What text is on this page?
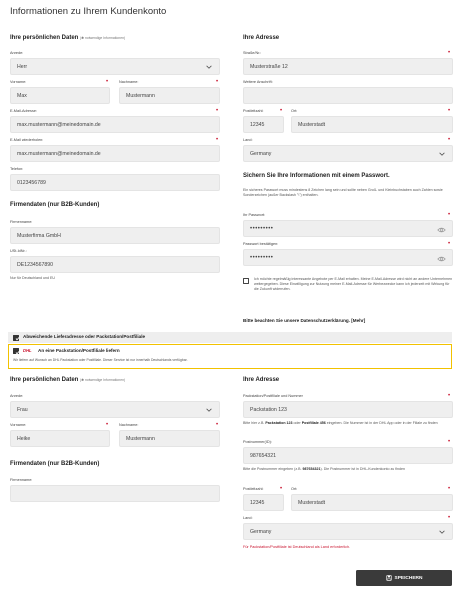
Informationen zu Ihrem Kundenkonto
Ihre persönlichen Daten (✱ notwendige Informationen)
Anrede:
Herr
Vorname:	•
Max
Nachname:	•
Mustermann
E-Mail-Adresse:	•
max.mustermann@meinedomain.de
E-Mail wiederholen:	•
max.mustermann@meinedomain.de
Telefon:
0123456789
Firmendaten (nur B2B-Kunden)
Firmenname:
Musterfirma GmbH
USt-IdNr.:
DE1234567890
Nur für Deutschland und EU
Ihre Adresse
Straße/Nr.:	•
Musterstraße 12
Weitere Anschrift:
Postleitzahl:	•
12345
Ort:	•
Musterstadt
Land:	•
Germany
Sichern Sie Ihre Informationen mit einem Passwort.
Ein sicheres Passwort muss mindestens 8 Zeichen lang sein und sollte neben Groß- und Kleinbuchstaben auch Zahlen sowie Sonderzeichen (außer Backslash "\") enthalten.
Ihr Passwort:	•
•••••••••
Passwort bestätigen:	•
•••••••••
Ich möchte regelmäßig interessante Angebote per E-Mail erhalten. Meine E-Mail-Adresse wird nicht an andere Unternehmen weitergegeben. Diese Einwilligung zur Nutzung meiner E-Mail-Adresse für Werbezwecke kann ich jederzeit mit Wirkung für die Zukunft widerrufen.
Bitte beachten Sie unsere Datenschutzerklärung. [Mehr]
Abweichende Lieferadresse oder Packstation/Postfiliale
DHL An eine Packstation/Postfiliale liefern
Wir liefern auf Wunsch an DHL Packstation oder Postfiliale. Dieser Service ist nur innerhalb Deutschlands verfügbar.
Ihre persönlichen Daten (✱ notwendige Informationen)
Anrede:
Frau
Vorname:	•
Heike
Nachname:	•
Mustermann
Firmendaten (nur B2B-Kunden)
Firmenname:
Ihre Adresse
Packstation/Postfiliale und Nummer	•
Packstation 123
Bitte hier z.B. Packstation 123 oder Postfiliale 456 eingeben. Die Nummer ist in der DHL App oder in der Filiale zu finden
Postnummer(ID):	•
987654321
Bitte die Postnummer eingeben (z.B. 987654321). Die Postnummer ist in DHL-Kundenkonto zu finden
Postleitzahl:	•
12345
Ort:	•
Musterstadt
Land:	•
Germany
Für Packstation/Postfiliale ist Deutschland als Land erforderlich.
SPEICHERN
